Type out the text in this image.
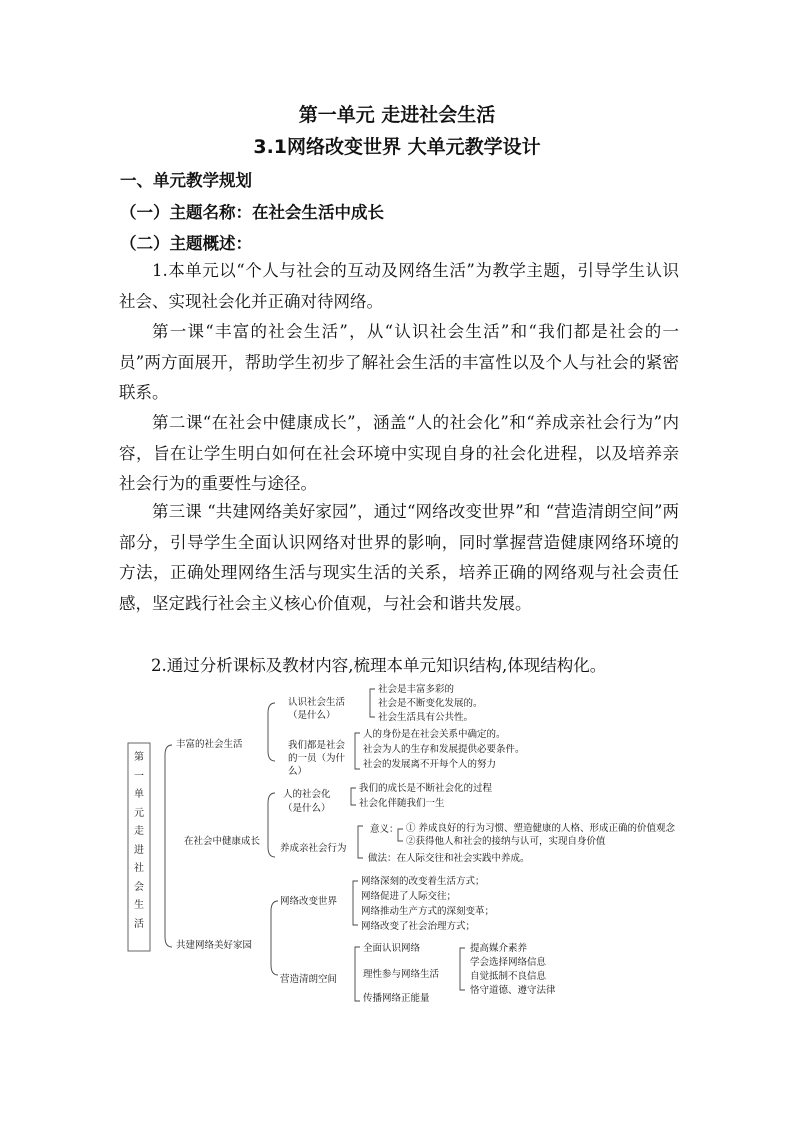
第一单元 走进社会生活
3.1网络改变世界 大单元教学设计
一、单元教学规划
（一）主题名称：在社会生活中成长
（二）主题概述：
1.本单元以“个人与社会的互动及网络生活”为教学主题，引导学生认识社会、实现社会化并正确对待网络。
第一课“丰富的社会生活”，从“认识社会生活”和“我们都是社会的一员”两方面展开，帮助学生初步了解社会生活的丰富性以及个人与社会的紧密联系。
第二课“在社会中健康成长”，涵盖“人的社会化”和“养成亲社会行为”内容，旨在让学生明白如何在社会环境中实现自身的社会化进程，以及培养亲社会行为的重要性与途径。
第三课 “共建网络美好家园”，通过“网络改变世界”和 “营造清朗空间”两部分，引导学生全面认识网络对世界的影响，同时掌握营造健康网络环境的方法，正确处理网络生活与现实生活的关系，培养正确的网络观与社会责任感，坚定践行社会主义核心价值观，与社会和谐共发展。
2.通过分析课标及教材内容,梳理本单元知识结构,体现结构化。
第一单元走进社会生活
丰富的社会生活
在社会中健康成长
共建网络美好家园
认识社会生活
（是什么）
社会是丰富多彩的
社会是不断变化发展的。
社会生活具有公共性。
我们都是社会
的一员（为什
么）
人的身份是在社会关系中确定的。
社会为人的生存和发展提供必要条件。
社会的发展离不开每个人的努力
人的社会化
（是什么）
我们的成长是不断社会化的过程
社会化伴随我们一生
养成亲社会行为
意义： ① 养成良好的行为习惯、塑造健康的人格、形成正确的价值观念
②获得他人和社会的接纳与认可，实现自身价值
做法：在人际交往和社会实践中养成。
网络改变世界
网络深刻的改变着生活方式；
网络促进了人际交往；
网络推动生产方式的深刻变革；
网络改变了社会治理方式；
营造清朗空间
全面认识网络
理性参与网络生活
传播网络正能量
提高媒介素养
学会选择网络信息
自觉抵制不良信息
恪守道德、遵守法律
